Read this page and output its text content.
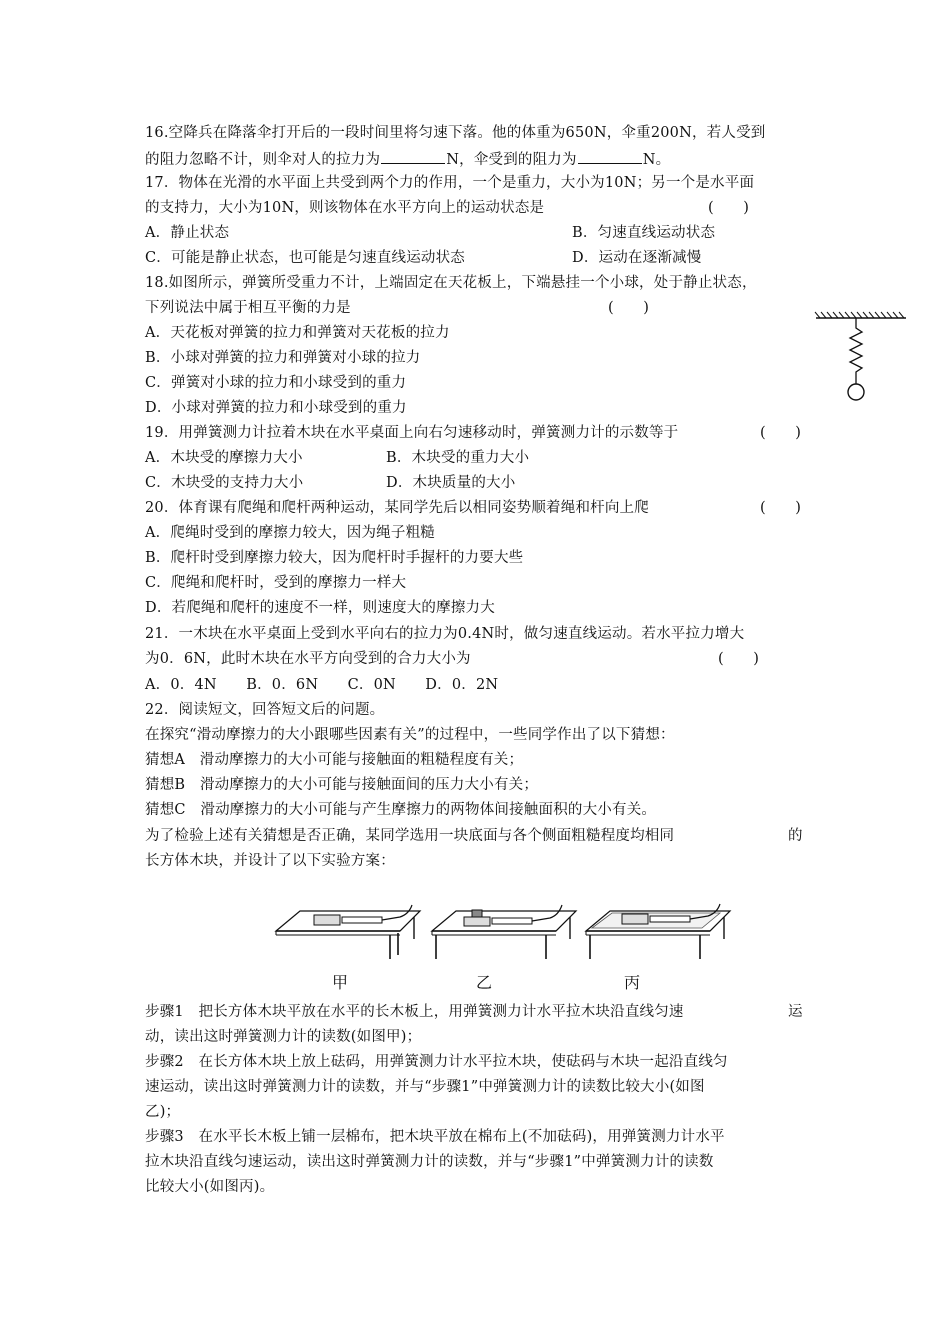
16.空降兵在降落伞打开后的一段时间里将匀速下落。他的体重为650N，伞重200N，若人受到
的阻力忽略不计，则伞对人的拉力为	N，伞受到的阻力为	N。
17．物体在光滑的水平面上共受到两个力的作用，一个是重力，大小为10N；另一个是水平面
的支持力，大小为10N，则该物体在水平方向上的运动状态是	(　　)
A．静止状态	B．匀速直线运动状态
C．可能是静止状态，也可能是匀速直线运动状态	D．运动在逐渐减慢
18.如图所示，弹簧所受重力不计，上端固定在天花板上，下端悬挂一个小球，处于静止状态，
下列说法中属于相互平衡的力是	(　　)
A．天花板对弹簧的拉力和弹簧对天花板的拉力
B．小球对弹簧的拉力和弹簧对小球的拉力
C．弹簧对小球的拉力和小球受到的重力
D．小球对弹簧的拉力和小球受到的重力
19．用弹簧测力计拉着木块在水平桌面上向右匀速移动时，弹簧测力计的示数等于	(　　)
A．木块受的摩擦力大小	B．木块受的重力大小
C．木块受的支持力大小	D．木块质量的大小
20．体育课有爬绳和爬杆两种运动，某同学先后以相同姿势顺着绳和杆向上爬	(　　)
A．爬绳时受到的摩擦力较大，因为绳子粗糙
B．爬杆时受到摩擦力较大，因为爬杆时手握杆的力要大些
C．爬绳和爬杆时，受到的摩擦力一样大
D．若爬绳和爬杆的速度不一样，则速度大的摩擦力大
21．一木块在水平桌面上受到水平向右的拉力为0.4N时，做匀速直线运动。若水平拉力增大
为0．6N，此时木块在水平方向受到的合力大小为	(　　)
A．0．4N　　B．0．6N　　C．0N　　D．0．2N
22．阅读短文，回答短文后的问题。
在探究“滑动摩擦力的大小跟哪些因素有关”的过程中，一些同学作出了以下猜想：
猜想A　滑动摩擦力的大小可能与接触面的粗糙程度有关；
猜想B　滑动摩擦力的大小可能与接触面间的压力大小有关；
猜想C　滑动摩擦力的大小可能与产生摩擦力的两物体间接触面积的大小有关。
为了检验上述有关猜想是否正确，某同学选用一块底面与各个侧面粗糙程度均相同	的
长方体木块，并设计了以下实验方案：
甲	乙	丙
步骤1　把长方体木块平放在水平的长木板上，用弹簧测力计水平拉木块沿直线匀速	运
动，读出这时弹簧测力计的读数(如图甲)；
步骤2　在长方体木块上放上砝码，用弹簧测力计水平拉木块，使砝码与木块一起沿直线匀
速运动，读出这时弹簧测力计的读数，并与“步骤1”中弹簧测力计的读数比较大小(如图
乙)；
步骤3　在水平长木板上铺一层棉布，把木块平放在棉布上(不加砝码)，用弹簧测力计水平
拉木块沿直线匀速运动，读出这时弹簧测力计的读数，并与“步骤1”中弹簧测力计的读数
比较大小(如图丙)。
